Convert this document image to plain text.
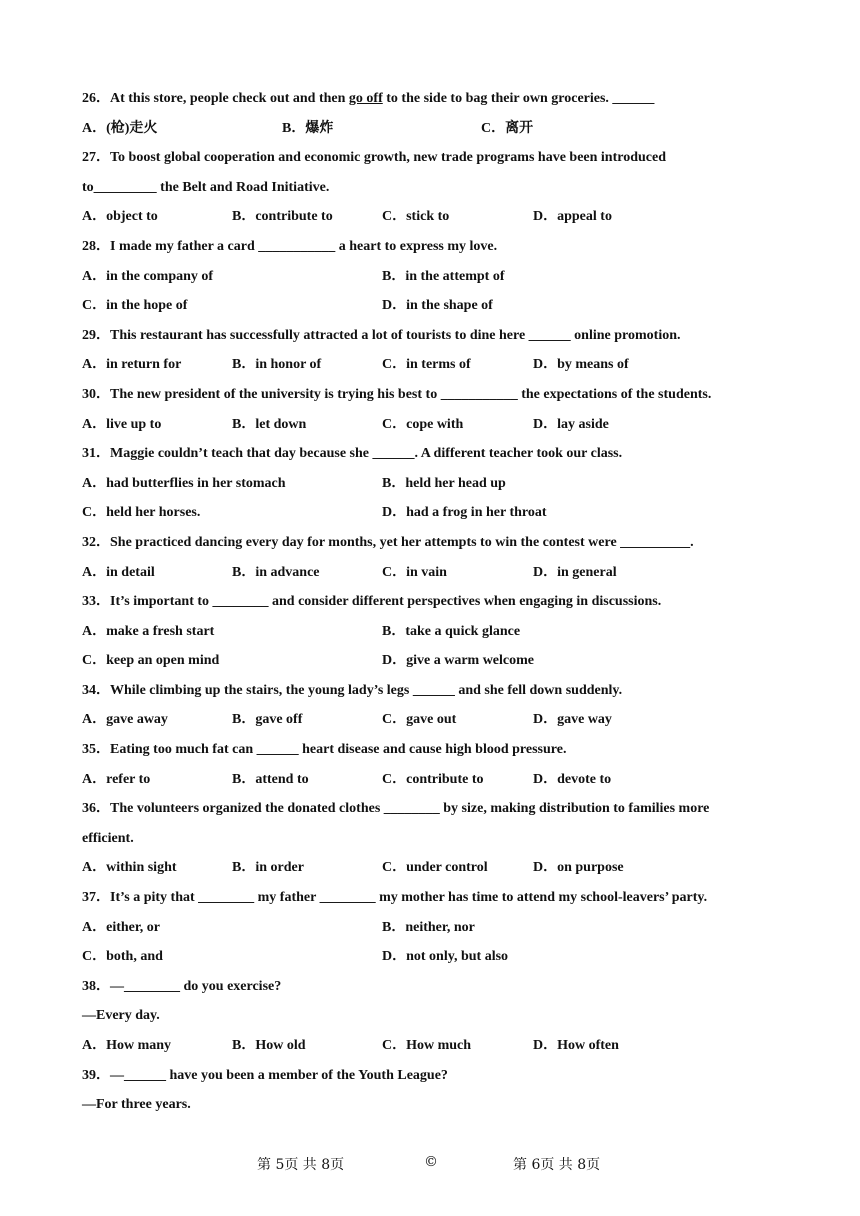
26．At this store, people check out and then go off to the side to bag their own groceries. ______
A．(枪)走火	B．爆炸	C．离开
27．To boost global cooperation and economic growth, new trade programs have been introduced
to_________ the Belt and Road Initiative.
A．object to	B．contribute to	C．stick to	D．appeal to
28．I made my father a card ___________ a heart to express my love.
A．in the company of	B．in the attempt of
C．in the hope of	D．in the shape of
29．This restaurant has successfully attracted a lot of tourists to dine here ______ online promotion.
A．in return for	B．in honor of	C．in terms of	D．by means of
30．The new president of the university is trying his best to ___________ the expectations of the students.
A．live up to	B．let down	C．cope with	D．lay aside
31．Maggie couldn’t teach that day because she ______. A different teacher took our class.
A．had butterflies in her stomach	B．held her head up
C．held her horses.	D．had a frog in her throat
32．She practiced dancing every day for months, yet her attempts to win the contest were __________.
A．in detail	B．in advance	C．in vain	D．in general
33．It’s important to ________ and consider different perspectives when engaging in discussions.
A．make a fresh start	B．take a quick glance
C．keep an open mind	D．give a warm welcome
34．While climbing up the stairs, the young lady’s legs ______ and she fell down suddenly.
A．gave away	B．gave off	C．gave out	D．gave way
35．Eating too much fat can ______ heart disease and cause high blood pressure.
A．refer to	B．attend to	C．contribute to	D．devote to
36．The volunteers organized the donated clothes ________ by size, making distribution to families more
efficient.
A．within sight	B．in order	C．under control	D．on purpose
37．It’s a pity that ________ my father ________ my mother has time to attend my school-leavers’ party.
A．either, or	B．neither, nor
C．both, and	D．not only, but also
38．—________ do you exercise?
—Every day.
A．How many	B．How old	C．How much	D．How often
39．—______ have you been a member of the Youth League?
—For three years.
第 5页 共 8页	©	第 6页 共 8页
